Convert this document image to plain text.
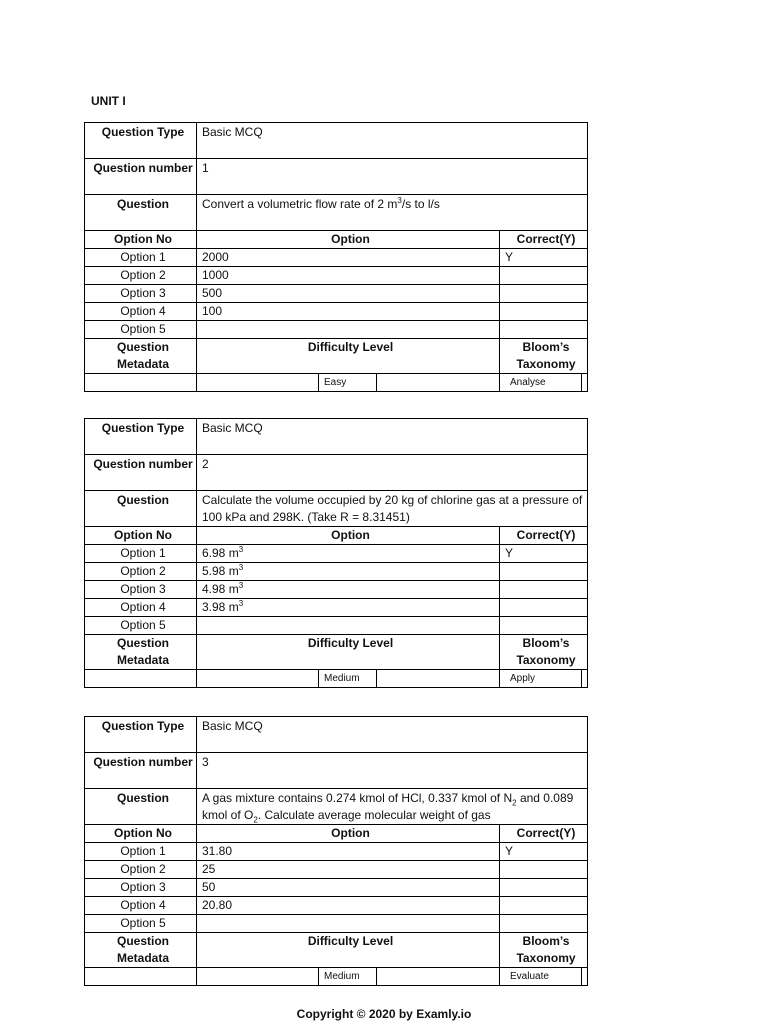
UNIT I
Question Type	Basic MCQ	
Question number	1	
Question	Convert a volumetric flow rate of 2 $m^3/s$ to l/s	
Option No	Option	Correct(Y)
Option 1	2000	Y
Option 2	1000	
Option 3	500	
Option 4	100	
Option 5		
Question Metadata	Difficulty Level	Bloom’s Taxonomy

	Easy	Analyse
Question Type	Basic MCQ	
Question number	2	
Question	Calculate the volume occupied by 20 kg of chlorine gas at a pressure of 100 kPa and 298K. (Take R = 8.31451)	
Option No	Option	Correct(Y)
Option 1	6.98 $m^3$	Y
Option 2	5.98 $m^3$	
Option 3	4.98 $m^3$	
Option 4	3.98 $m^3$	
Option 5		
Question Metadata	Difficulty Level	Bloom’s Taxonomy

	Medium	Apply
Question Type	Basic MCQ	
Question number	3	
Question	A gas mixture contains 0.274 kmol of HCl, 0.337 kmol of $N_2$ and 0.089 kmol of $O_2$. Calculate average molecular weight of gas	
Option No	Option	Correct(Y)
Option 1	31.80	Y
Option 2	25	
Option 3	50	
Option 4	20.80	
Option 5		
Question Metadata	Difficulty Level	Bloom’s Taxonomy

	Medium	Evaluate
Copyright © 2020 by Examly.io
